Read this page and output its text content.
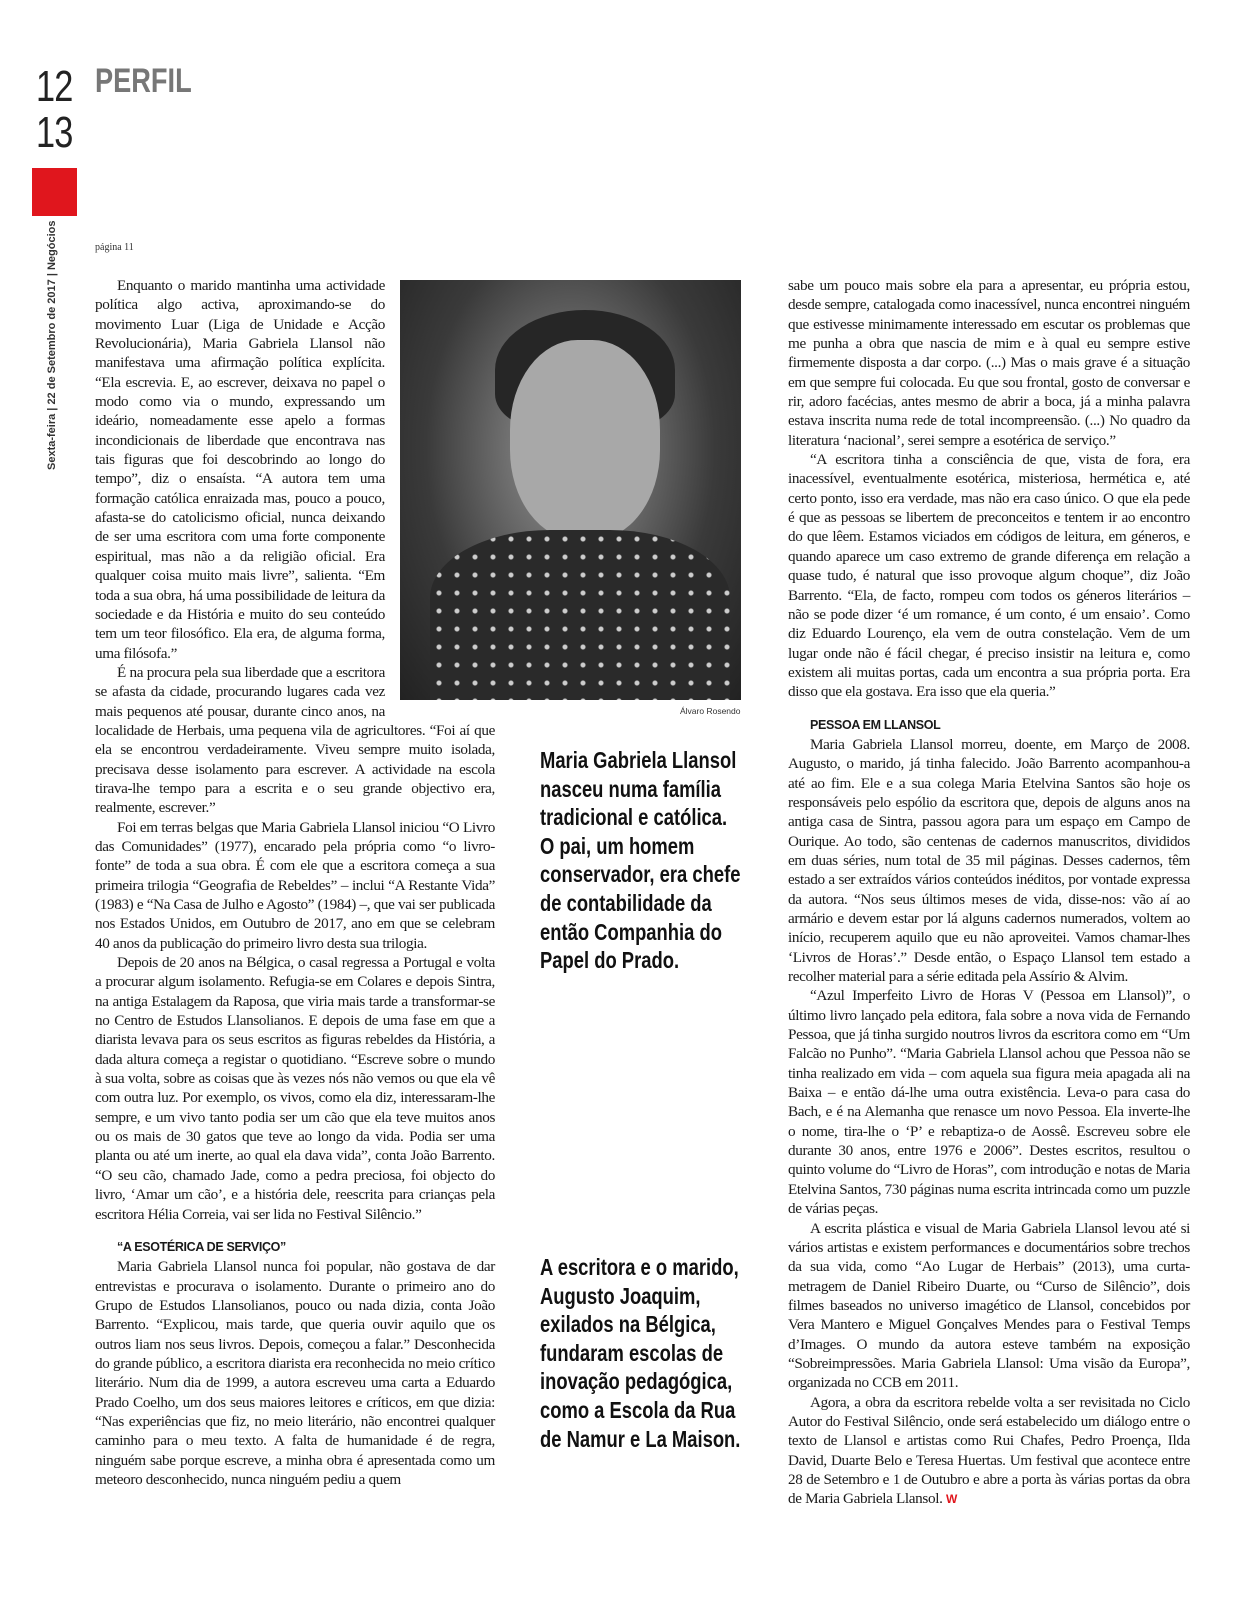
12
13
PERFIL
Sexta-feira | 22 de Setembro de 2017 | Negócios	página 11

Enquanto o marido mantinha uma actividade política algo activa, aproximando-se do movimento Luar (Liga de Unidade e Acção Revolucionária), Maria Gabriela Llansol não manifestava uma afirmação política explícita. “Ela escrevia. E, ao escrever, deixava no papel o modo como via o mundo, expressando um ideário, nomeadamente esse apelo a formas incondicionais de liberdade que encontrava nas tais figuras que foi descobrindo ao longo do tempo”, diz o ensaísta. “A autora tem uma formação católica enraizada mas, pouco a pouco, afasta-se do catolicismo oficial, nunca deixando de ser uma escritora com uma forte componente espiritual, mas não a da religião oficial. Era qualquer coisa muito mais livre”, salienta. “Em toda a sua obra, há uma possibilidade de leitura da sociedade e da História e muito do seu conteúdo tem um teor filosófico. Ela era, de alguma forma, uma filósofa.”

É na procura pela sua liberdade que a escritora se afasta da cidade, procurando lugares cada vez mais pequenos até pousar, durante cinco anos, na localidade de Herbais, uma pequena vila de agricultores. “Foi aí que ela se encontrou verdadeiramente. Viveu sempre muito isolada, precisava desse isolamento para escrever. A actividade na escola tirava-lhe tempo para a escrita e o seu grande objectivo era, realmente, escrever.”

Foi em terras belgas que Maria Gabriela Llansol iniciou “O Livro das Comunidades” (1977), encarado pela própria como “o livro-fonte” de toda a sua obra. É com ele que a escritora começa a sua primeira trilogia “Geografia de Rebeldes” – inclui “A Restante Vida” (1983) e “Na Casa de Julho e Agosto” (1984) –, que vai ser publicada nos Estados Unidos, em Outubro de 2017, ano em que se celebram 40 anos da publicação do primeiro livro desta sua trilogia.

Depois de 20 anos na Bélgica, o casal regressa a Portugal e volta a procurar algum isolamento. Refugia-se em Colares e depois Sintra, na antiga Estalagem da Raposa, que viria mais tarde a transformar-se no Centro de Estudos Llansolianos. E depois de uma fase em que a diarista levava para os seus escritos as figuras rebeldes da História, a dada altura começa a registar o quotidiano. “Escreve sobre o mundo à sua volta, sobre as coisas que às vezes nós não vemos ou que ela vê com outra luz. Por exemplo, os vivos, como ela diz, interessaram-lhe sempre, e um vivo tanto podia ser um cão que ela teve muitos anos ou os mais de 30 gatos que teve ao longo da vida. Podia ser uma planta ou até um inerte, ao qual ela dava vida”, conta João Barrento. “O seu cão, chamado Jade, como a pedra preciosa, foi objecto do livro, ‘Amar um cão’, e a história dele, reescrita para crianças pela escritora Hélia Correia, vai ser lida no Festival Silêncio.”

“A ESOTÉRICA DE SERVIÇO”

Maria Gabriela Llansol nunca foi popular, não gostava de dar entrevistas e procurava o isolamento. Durante o primeiro ano do Grupo de Estudos Llansolianos, pouco ou nada dizia, conta João Barrento. “Explicou, mais tarde, que queria ouvir aquilo que os outros liam nos seus livros. Depois, começou a falar.” Desconhecida do grande público, a escritora diarista era reconhecida no meio crítico literário. Num dia de 1999, a autora escreveu uma carta a Eduardo Prado Coelho, um dos seus maiores leitores e críticos, em que dizia: “Nas experiências que fiz, no meio literário, não encontrei qualquer caminho para o meu texto. A falta de humanidade é de regra, ninguém sabe porque escreve, a minha obra é apresentada como um meteoro desconhecido, nunca ninguém pediu a quem

Álvaro Rosendo
Maria Gabriela Llansol nasceu numa família tradicional e católica. O pai, um homem conservador, era chefe de contabilidade da então Companhia do Papel do Prado.
A escritora e o marido, Augusto Joaquim, exilados na Bélgica, fundaram escolas de inovação pedagógica, como a Escola da Rua de Namur e La Maison.

sabe um pouco mais sobre ela para a apresentar, eu própria estou, desde sempre, catalogada como inacessível, nunca encontrei ninguém que estivesse minimamente interessado em escutar os problemas que me punha a obra que nascia de mim e à qual eu sempre estive firmemente disposta a dar corpo. (...) Mas o mais grave é a situação em que sempre fui colocada. Eu que sou frontal, gosto de conversar e rir, adoro facécias, antes mesmo de abrir a boca, já a minha palavra estava inscrita numa rede de total incompreensão. (...) No quadro da literatura ‘nacional’, serei sempre a esotérica de serviço.”

“A escritora tinha a consciência de que, vista de fora, era inacessível, eventualmente esotérica, misteriosa, hermética e, até certo ponto, isso era verdade, mas não era caso único. O que ela pede é que as pessoas se libertem de preconceitos e tentem ir ao encontro do que lêem. Estamos viciados em códigos de leitura, em géneros, e quando aparece um caso extremo de grande diferença em relação a quase tudo, é natural que isso provoque algum choque”, diz João Barrento. “Ela, de facto, rompeu com todos os géneros literários – não se pode dizer ‘é um romance, é um conto, é um ensaio’. Como diz Eduardo Lourenço, ela vem de outra constelação. Vem de um lugar onde não é fácil chegar, é preciso insistir na leitura e, como existem ali muitas portas, cada um encontra a sua própria porta. Era disso que ela gostava. Era isso que ela queria.”

PESSOA EM LLANSOL

Maria Gabriela Llansol morreu, doente, em Março de 2008. Augusto, o marido, já tinha falecido. João Barrento acompanhou-a até ao fim. Ele e a sua colega Maria Etelvina Santos são hoje os responsáveis pelo espólio da escritora que, depois de alguns anos na antiga casa de Sintra, passou agora para um espaço em Campo de Ourique. Ao todo, são centenas de cadernos manuscritos, divididos em duas séries, num total de 35 mil páginas. Desses cadernos, têm estado a ser extraídos vários conteúdos inéditos, por vontade expressa da autora. “Nos seus últimos meses de vida, disse-nos: vão aí ao armário e devem estar por lá alguns cadernos numerados, voltem ao início, recuperem aquilo que eu não aproveitei. Vamos chamar-lhes ‘Livros de Horas’.” Desde então, o Espaço Llansol tem estado a recolher material para a série editada pela Assírio & Alvim.

“Azul Imperfeito Livro de Horas V (Pessoa em Llansol)”, o último livro lançado pela editora, fala sobre a nova vida de Fernando Pessoa, que já tinha surgido noutros livros da escritora como em “Um Falcão no Punho”. “Maria Gabriela Llansol achou que Pessoa não se tinha realizado em vida – com aquela sua figura meia apagada ali na Baixa – e então dá-lhe uma outra existência. Leva-o para casa do Bach, e é na Alemanha que renasce um novo Pessoa. Ela inverte-lhe o nome, tira-lhe o ‘P’ e rebaptiza-o de Aossê. Escreveu sobre ele durante 30 anos, entre 1976 e 2006”. Destes escritos, resultou o quinto volume do “Livro de Horas”, com introdução e notas de Maria Etelvina Santos, 730 páginas numa escrita intrincada como um puzzle de várias peças.

A escrita plástica e visual de Maria Gabriela Llansol levou até si vários artistas e existem performances e documentários sobre trechos da sua vida, como “Ao Lugar de Herbais” (2013), uma curta-metragem de Daniel Ribeiro Duarte, ou “Curso de Silêncio”, dois filmes baseados no universo imagético de Llansol, concebidos por Vera Mantero e Miguel Gonçalves Mendes para o Festival Temps d’Images. O mundo da autora esteve também na exposição “Sobreimpressões. Maria Gabriela Llansol: Uma visão da Europa”, organizada no CCB em 2011.

Agora, a obra da escritora rebelde volta a ser revisitada no Ciclo Autor do Festival Silêncio, onde será estabelecido um diálogo entre o texto de Llansol e artistas como Rui Chafes, Pedro Proença, Ilda David, Duarte Belo e Teresa Huertas. Um festival que acontece entre 28 de Setembro e 1 de Outubro e abre a porta às várias portas da obra de Maria Gabriela Llansol. W
